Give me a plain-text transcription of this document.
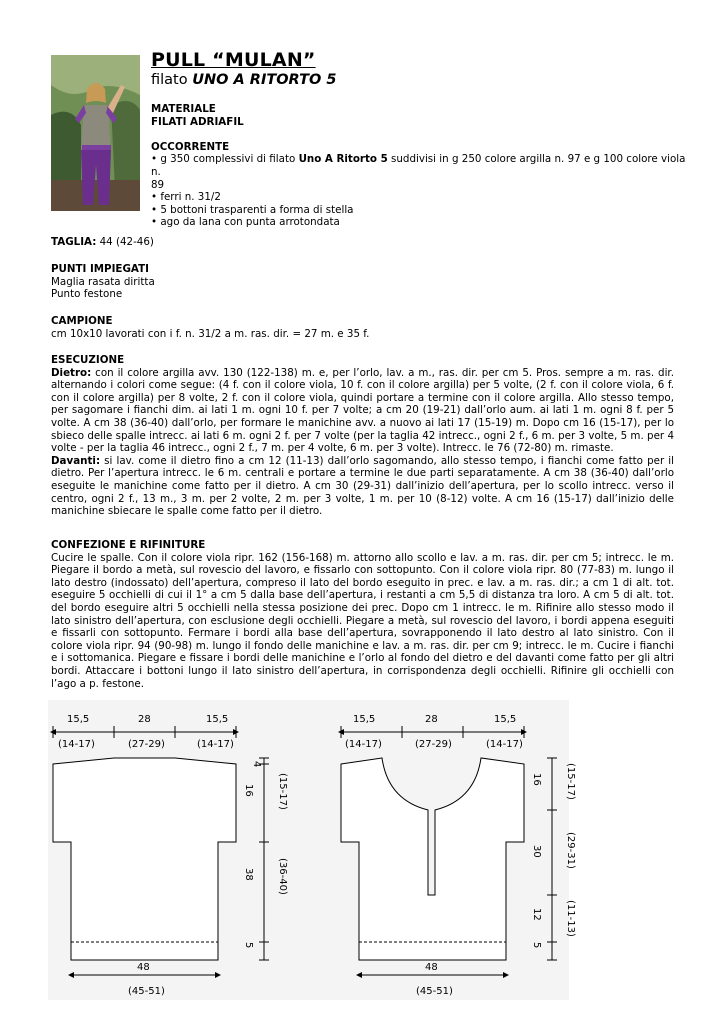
PULL “MULAN”
filato UNO A RITORTO 5

MATERIALE

FILATI ADRIAFIL

OCCORRENTE

• g 350 complessivi di filato Uno A Ritorto 5 suddivisi in g 250 colore argilla n. 97 e g 100 colore viola n.

89

• ferri n. 31/2

• 5 bottoni trasparenti a forma di stella

• ago da lana con punta arrotondata

TAGLIA: 44 (42-46)

PUNTI IMPIEGATI

Maglia rasata diritta

Punto festone

CAMPIONE

cm 10x10 lavorati con i f. n. 31/2 a m. ras. dir. = 27 m. e 35 f.

ESECUZIONE

Dietro: con il colore argilla avv. 130 (122-138) m. e, per l’orlo, lav. a m., ras. dir. per cm 5. Pros. sempre a m. ras. dir. alternando i colori come segue: (4 f. con il colore viola, 10 f. con il colore argilla) per 5 volte, (2 f. con il colore viola, 6 f. con il colore argilla) per 8 volte, 2 f. con il colore viola, quindi portare a termine con il colore argilla. Allo stesso tempo, per sagomare i fianchi dim. ai lati 1 m. ogni 10 f. per 7 volte; a cm 20 (19-21) dall’orlo aum. ai lati 1 m. ogni 8 f. per 5 volte. A cm 38 (36-40) dall’orlo, per formare le manichine avv. a nuovo ai lati 17 (15-19) m. Dopo cm 16 (15-17), per lo sbieco delle spalle intrecc. ai lati 6 m. ogni 2 f. per 7 volte (per la taglia 42 intrecc., ogni 2 f., 6 m. per 3 volte, 5 m. per 4 volte - per la taglia 46 intrecc., ogni 2 f., 7 m. per 4 volte, 6 m. per 3 volte). Intrecc. le 76 (72-80) m. rimaste.

Davanti: si lav. come il dietro fino a cm 12 (11-13) dall’orlo sagomando, allo stesso tempo, i fianchi come fatto per il dietro. Per l’apertura intrecc. le 6 m. centrali e portare a termine le due parti separatamente. A cm 38 (36-40) dall’orlo eseguite le manichine come fatto per il dietro. A cm 30 (29-31) dall’inizio dell’apertura, per lo scollo intrecc. verso il centro, ogni 2 f., 13 m., 3 m. per 2 volte, 2 m. per 3 volte, 1 m. per 10 (8-12) volte. A cm 16 (15-17) dall’inizio delle manichine sbiecare le spalle come fatto per il dietro.

CONFEZIONE E RIFINITURE

Cucire le spalle. Con il colore viola ripr. 162 (156-168) m. attorno allo scollo e lav. a m. ras. dir. per cm 5; intrecc. le m. Piegare il bordo a metà, sul rovescio del lavoro, e fissarlo con sottopunto. Con il colore viola ripr. 80 (77-83) m. lungo il lato destro (indossato) dell’apertura, compreso il lato del bordo eseguito in prec. e lav. a m. ras. dir.; a cm 1 di alt. tot. eseguire 5 occhielli di cui il 1° a cm 5 dalla base dell’apertura, i restanti a cm 5,5 di distanza tra loro. A cm 5 di alt. tot. del bordo eseguire altri 5 occhielli nella stessa posizione dei prec. Dopo cm 1 intrecc. le m. Rifinire allo stesso modo il lato sinistro dell’apertura, con esclusione degli occhielli. Piegare a metà, sul rovescio del lavoro, i bordi appena eseguiti e fissarli con sottopunto. Fermare i bordi alla base dell’apertura, sovrapponendo il lato destro al lato sinistro. Con il colore viola ripr. 94 (90-98) m. lungo il fondo delle manichine e lav. a m. ras. dir. per cm 9; intrecc. le m. Cucire i fianchi e i sottomanica. Piegare e fissare i bordi delle manichine e l’orlo al fondo del dietro e del davanti come fatto per gli altri bordi. Attaccare i bottoni lungo il lato sinistro dell’apertura, in corrispondenza degli occhielli. Rifinire gli occhielli con l’ago a p. festone.

15,5	28	15,5
(14-17)	(27-29)	(14-17)
4
16 (15-17)
38 (36-40)
5
48
(45-51)
15,5	28	15,5
(14-17)	(27-29)	(14-17)
16 (15-17)
30 (29-31)
12 (11-13)
5
48
(45-51)
